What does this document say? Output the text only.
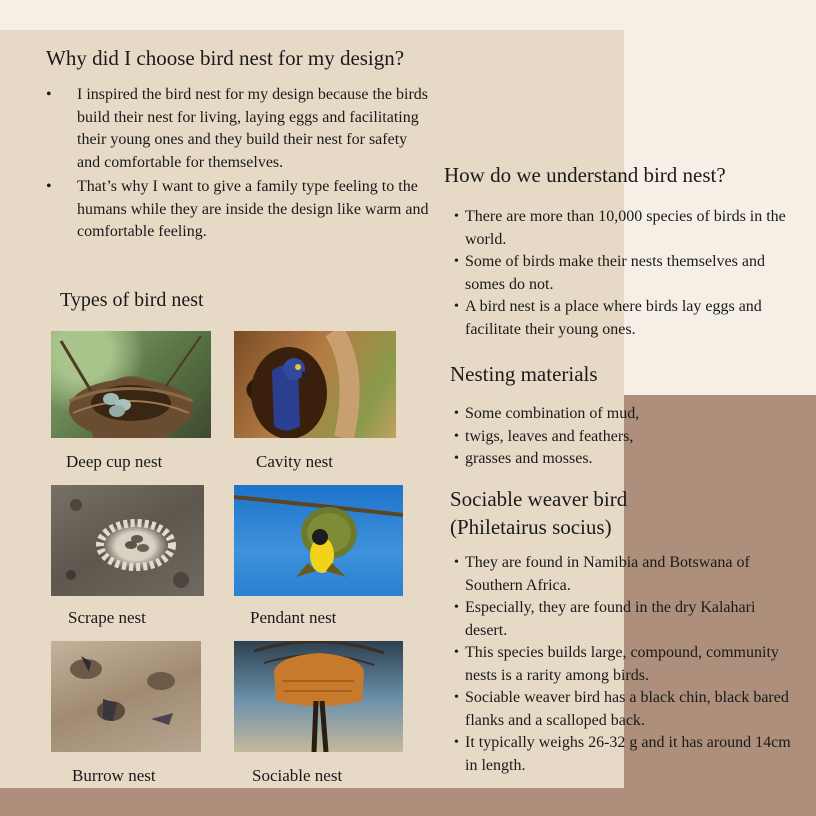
Why did I choose bird nest for my design?
• I inspired the bird nest for my design because the birds build their nest for living, laying eggs and facilitating their young ones and they build their nest for safety and comfortable for themselves.
• That’s why I want to give a family type feeling to the humans while they are inside the design like warm and comfortable feeling.
Types of bird nest
Deep cup nest	Cavity nest
Scrape nest	Pendant nest
Burrow nest	Sociable nest
How do we understand bird nest?
• There are more than 10,000 species of birds in the world.
• Some of birds make their nests themselves and somes do not.
• A bird nest is a place where birds lay eggs and facilitate their young ones.
Nesting materials
• Some combination of mud,
• twigs, leaves and feathers,
• grasses and mosses.
Sociable weaver bird
(Philetairus socius)
• They are found in Namibia and Botswana of Southern Africa.
• Especially, they are found in the dry Kalahari desert.
• This species builds large, compound, community nests is a rarity among birds.
• Sociable weaver bird has a black chin, black bared flanks and a scalloped back.
• It typically weighs 26-32 g and it has around 14cm in length.
